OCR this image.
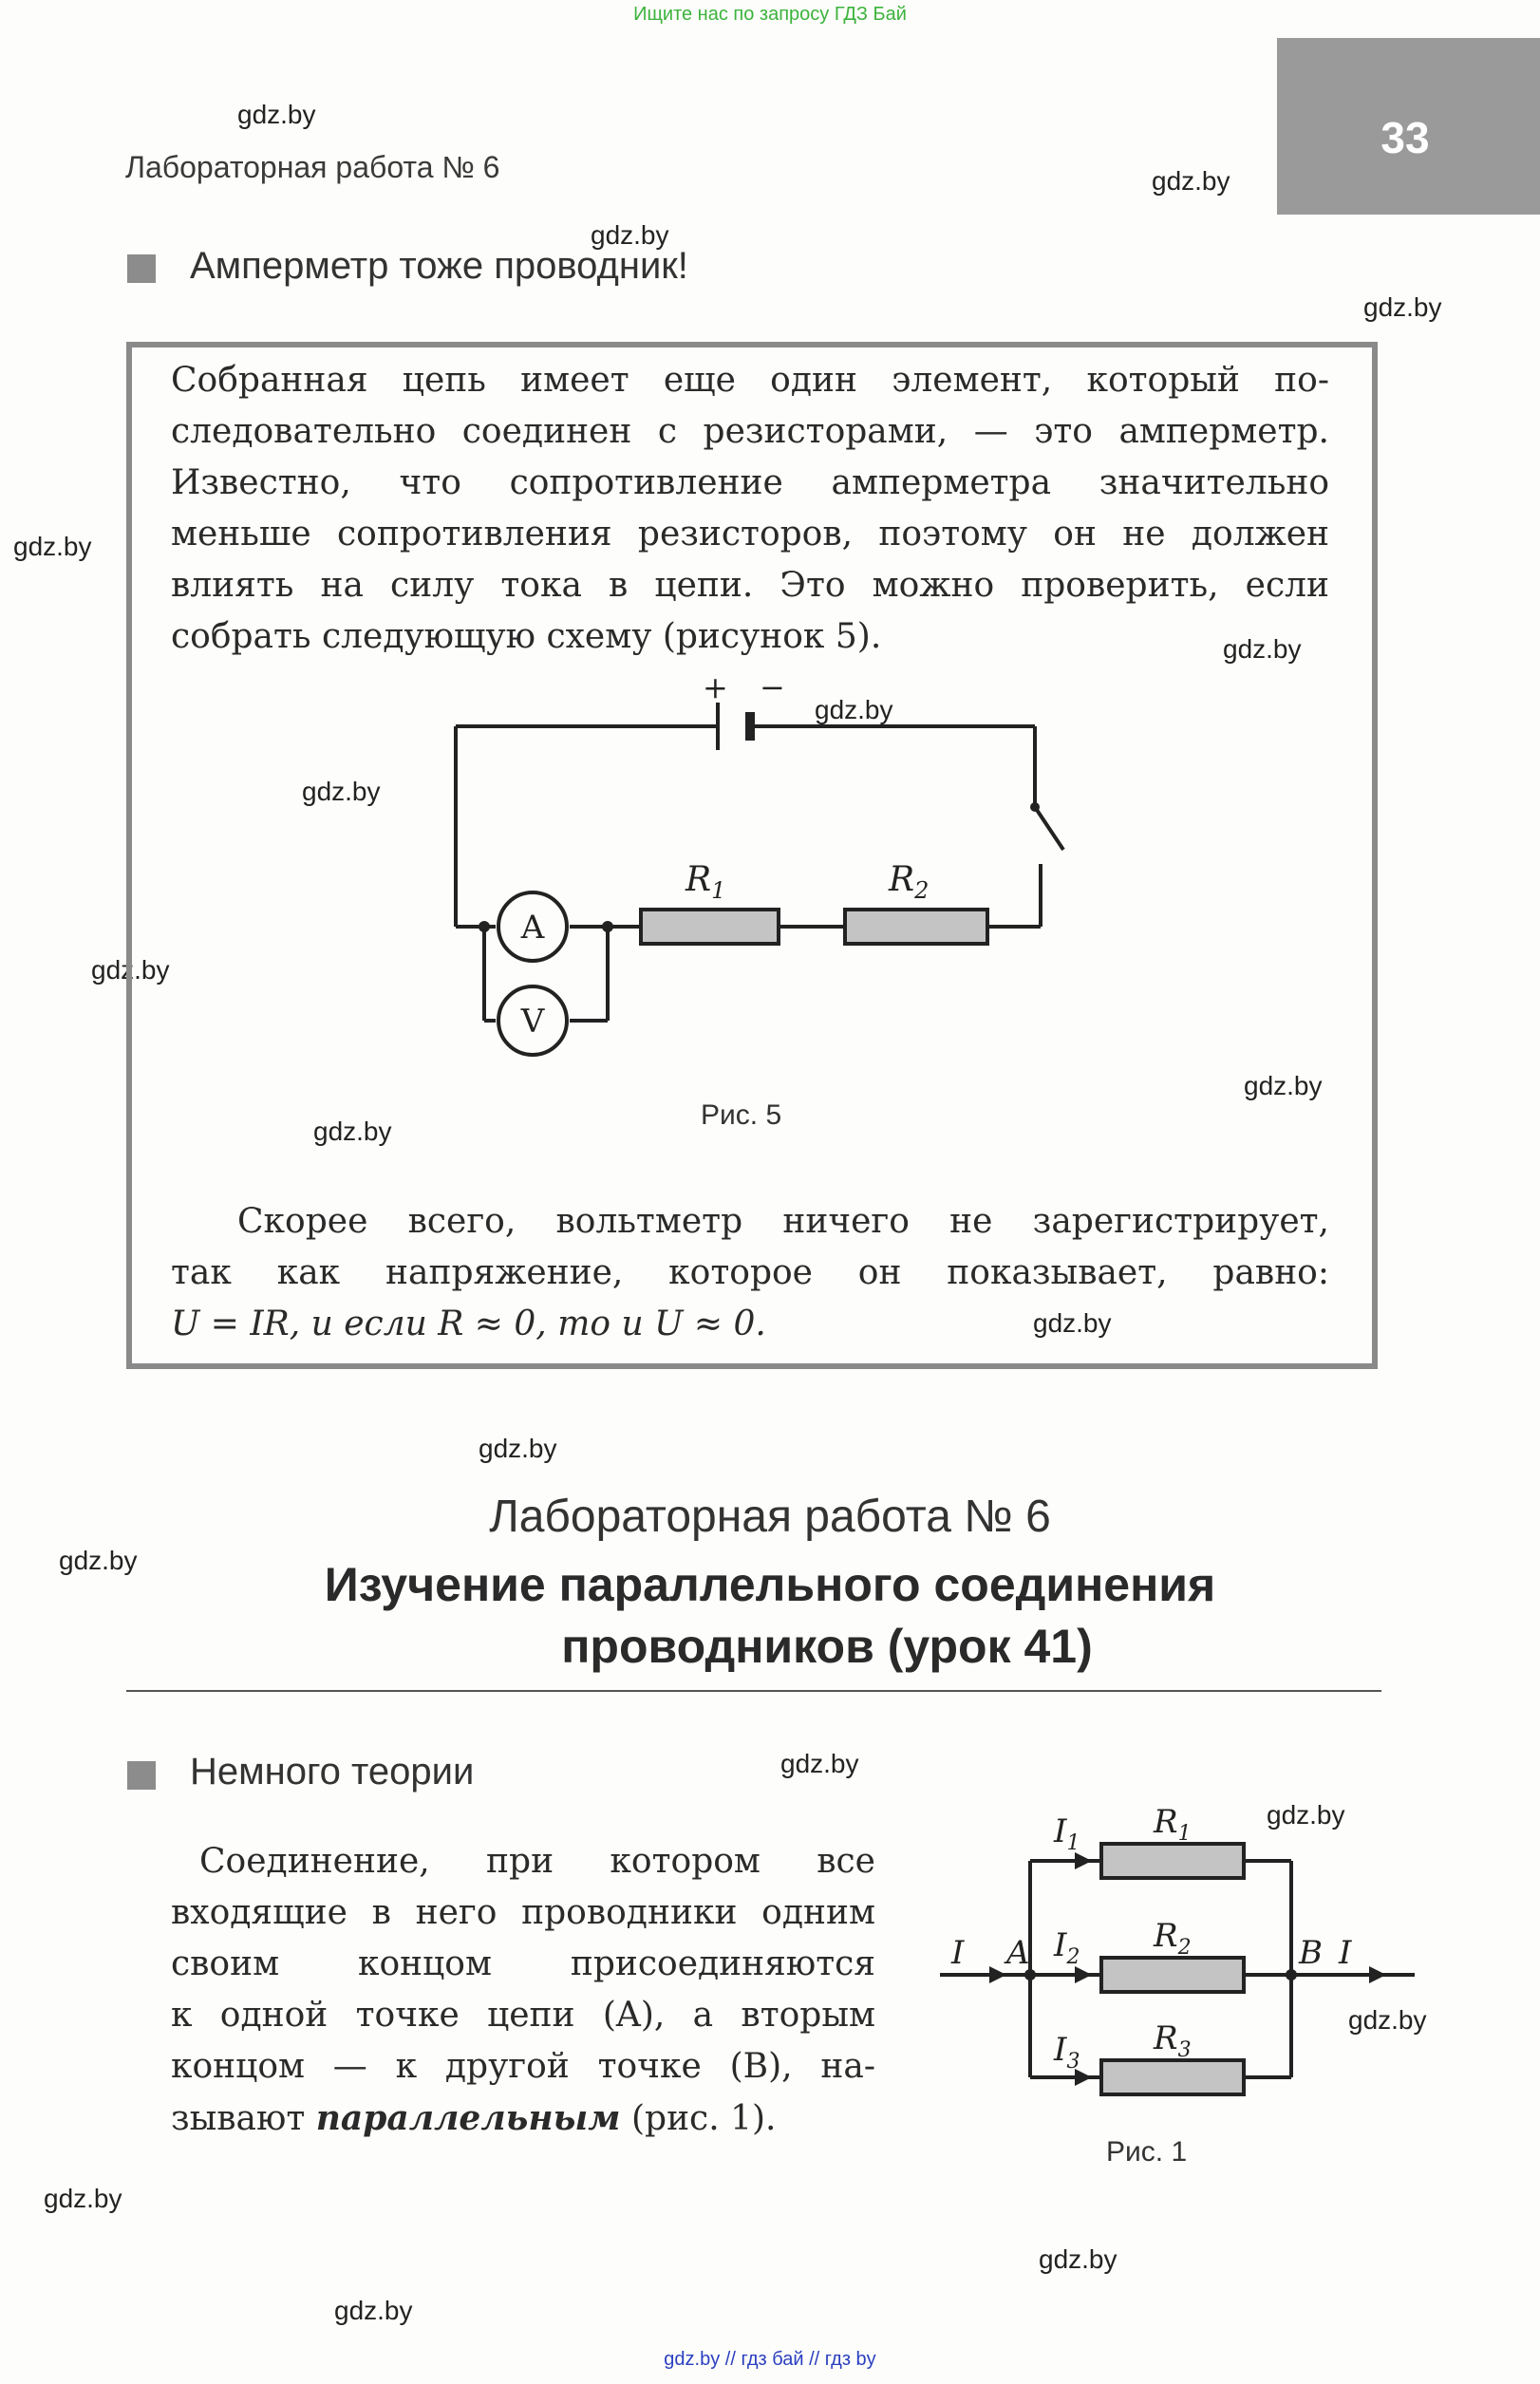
Ищите нас по запросу ГДЗ Бай
gdz.by // гдз бай // гдз by
gdz.by
gdz.by
gdz.by
gdz.by
gdz.by
gdz.by
gdz.by
gdz.by
gdz.by
gdz.by
gdz.by
gdz.by
gdz.by
gdz.by
gdz.by
gdz.by
gdz.by
gdz.by
gdz.by
gdz.by
33
Лабораторная работа № 6
Амперметр тоже проводник!
Собранная цепь имеет еще один элемент, который по-
следовательно соединен с резисторами, — это амперметр.
Известно, что сопротивление амперметра значительно
меньше сопротивления резисторов, поэтому он не должен
влиять на силу тока в цепи. Это можно проверить, если
собрать следующую схему (рисунок 5).
+ −
A
V
$R_1$	$R_2$
Рис. 5
Скорее всего, вольтметр ничего не зарегистрирует,
так как напряжение, которое он показывает, равно:
U = IR, и если R ≈ 0, то и U ≈ 0.
Лабораторная работа № 6
Изучение параллельного соединения
проводников (урок 41)
Немного теории
Соединение, при котором все
входящие в него проводники одним
своим концом присоединяются
к одной точке цепи (A), а вторым
концом — к другой точке (B), на-
зывают параллельным (рис. 1).
I A	B I
$I_1$
$I_2$
$I_3$
$R_1$
$R_2$
$R_3$
Рис. 1
